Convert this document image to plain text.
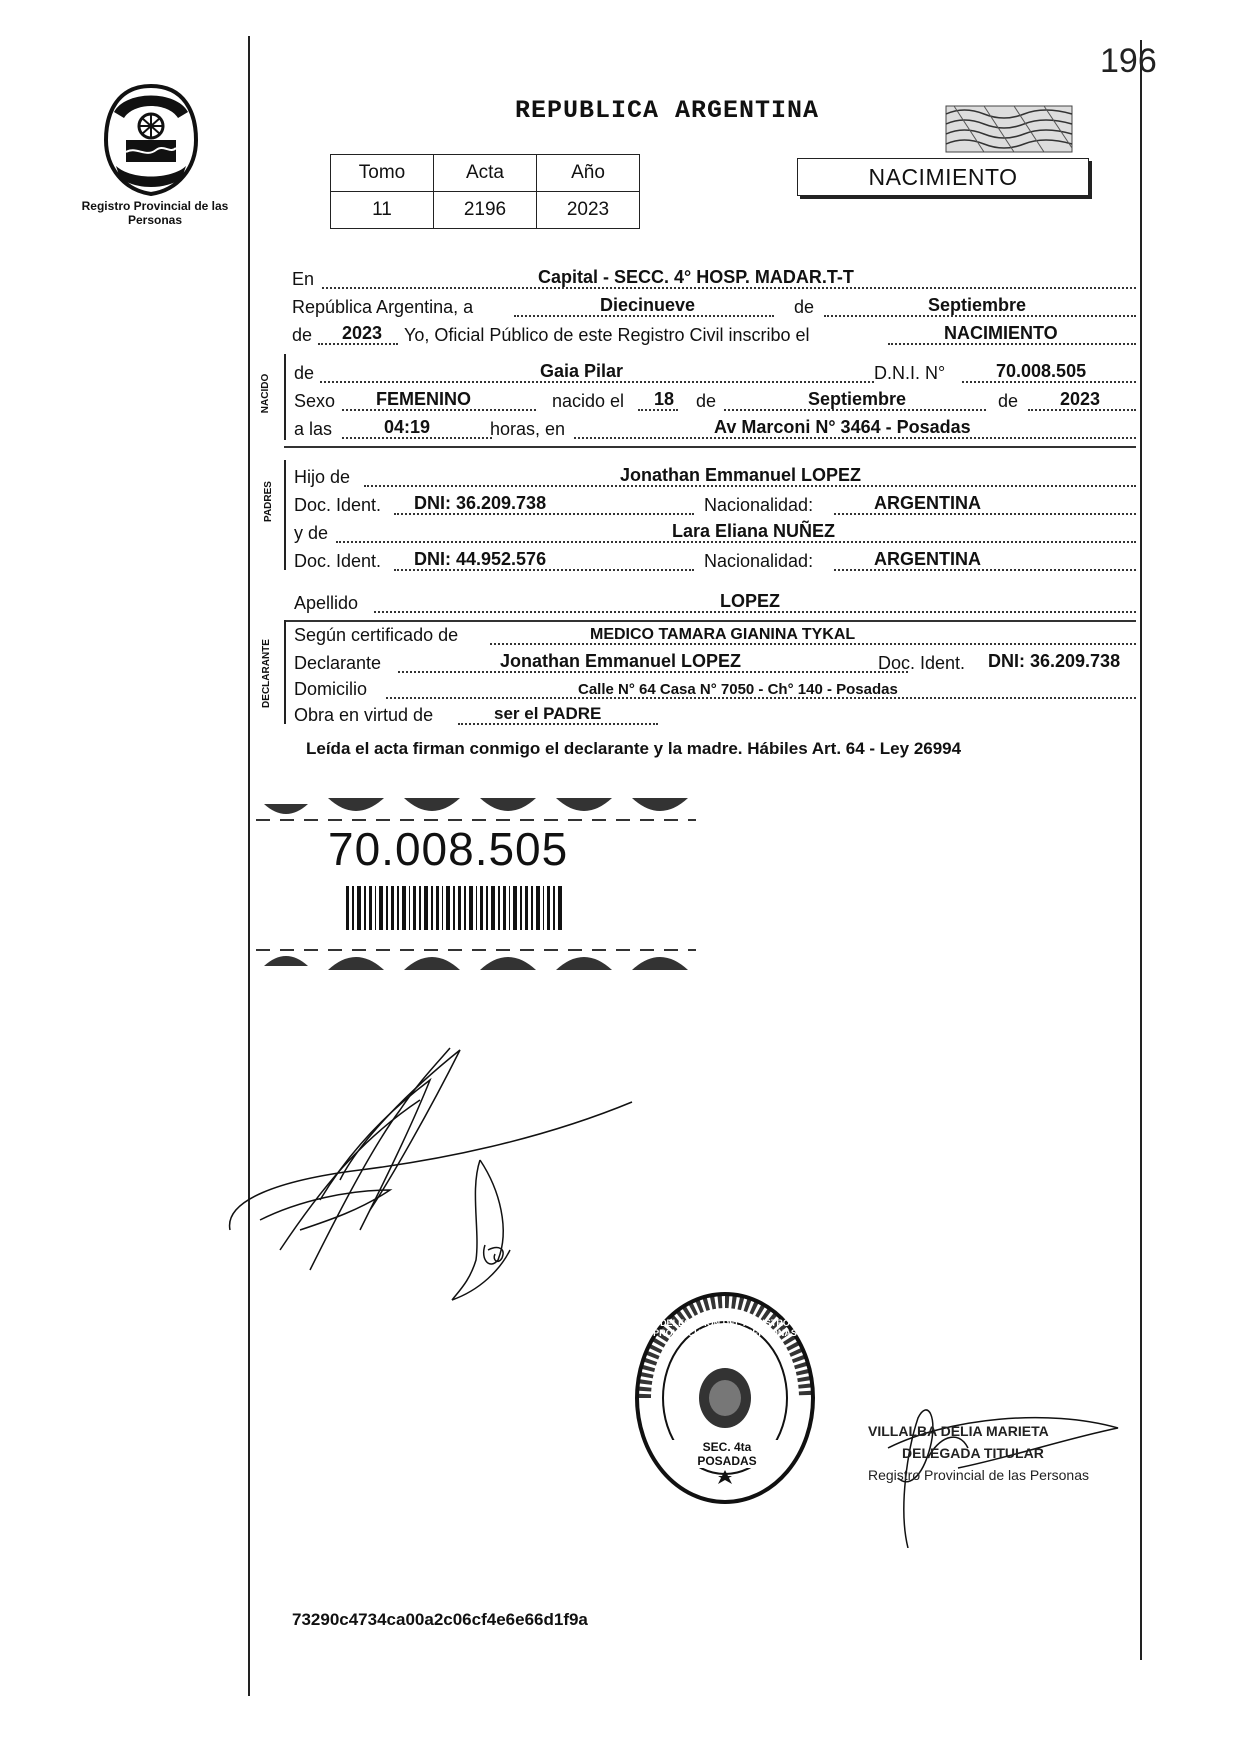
196
Registro Provincial de las Personas
REPUBLICA ARGENTINA
Tomo	Acta	Año
11	2196	2023
NACIMIENTO
En	Capital - SECC. 4° HOSP. MADAR.T-T
República Argentina, a	Diecinueve	de	Septiembre
de 2023 Yo, Oficial Público de este Registro Civil inscribo el	NACIMIENTO
NACIDO
de	Gaia Pilar	D.N.I. N°	70.008.505
Sexo FEMENINO	nacido el 18 de	Septiembre	de 2023
a las	04:19	horas, en	Av Marconi N° 3464 - Posadas
PADRES
Hijo de	Jonathan Emmanuel LOPEZ
Doc. Ident. DNI: 36.209.738	Nacionalidad:	ARGENTINA
y de	Lara Eliana NUÑEZ
Doc. Ident. DNI: 44.952.576	Nacionalidad:	ARGENTINA
Apellido	LOPEZ
DECLARANTE
Según certificado de	MEDICO TAMARA GIANINA TYKAL
Declarante	Jonathan Emmanuel LOPEZ	Doc. Ident. DNI: 36.209.738
Domicilio	Calle N° 64 Casa N° 7050 - Ch° 140 - Posadas
Obra en virtud de	ser el PADRE
Leída el acta firman conmigo el declarante y la madre. Hábiles Art. 64 - Ley 26994
70.008.505
DELEGACION DEL REGISTRO PROVINCIAL DE LAS PERSONAS
SEC. 4ta POSADAS
VILLALBA DELIA MARIETA
DELEGADA TITULAR
Registro Provincial de las Personas
73290c4734ca00a2c06cf4e6e66d1f9a
